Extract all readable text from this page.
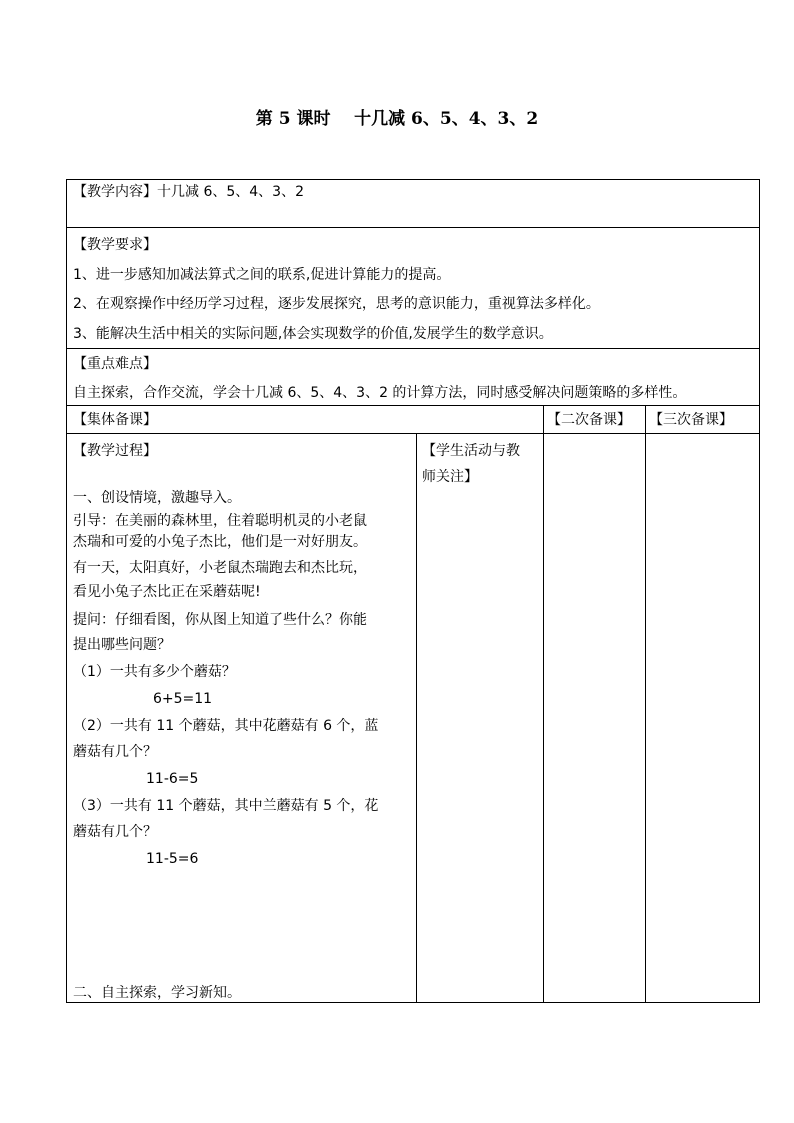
第 5 课时    十几减 6、5、4、3、2
【教学内容】十几减 6、5、4、3、2
【教学要求】
1、进一步感知加减法算式之间的联系,促进计算能力的提高。
2、在观察操作中经历学习过程，逐步发展探究，思考的意识能力，重视算法多样化。
3、能解决生活中相关的实际问题,体会实现数学的价值,发展学生的数学意识。
【重点难点】
自主探索，合作交流，学会十几减 6、5、4、3、2 的计算方法，同时感受解决问题策略的多样性。
【集体备课】	【二次备课】 【三次备课】
【教学过程】
一、创设情境，激趣导入。
引导：在美丽的森林里，住着聪明机灵的小老鼠
杰瑞和可爱的小兔子杰比，他们是一对好朋友。
有一天，太阳真好，小老鼠杰瑞跑去和杰比玩，
看见小兔子杰比正在采蘑菇呢!
提问：仔细看图，你从图上知道了些什么？你能
提出哪些问题？
（1）一共有多少个蘑菇？
6+5=11
（2）一共有 11 个蘑菇，其中花蘑菇有 6 个，蓝
蘑菇有几个？
11-6=5
（3）一共有 11 个蘑菇，其中兰蘑菇有 5 个，花
蘑菇有几个？
11-5=6
二、自主探索，学习新知。
【学生活动与教
师关注】
